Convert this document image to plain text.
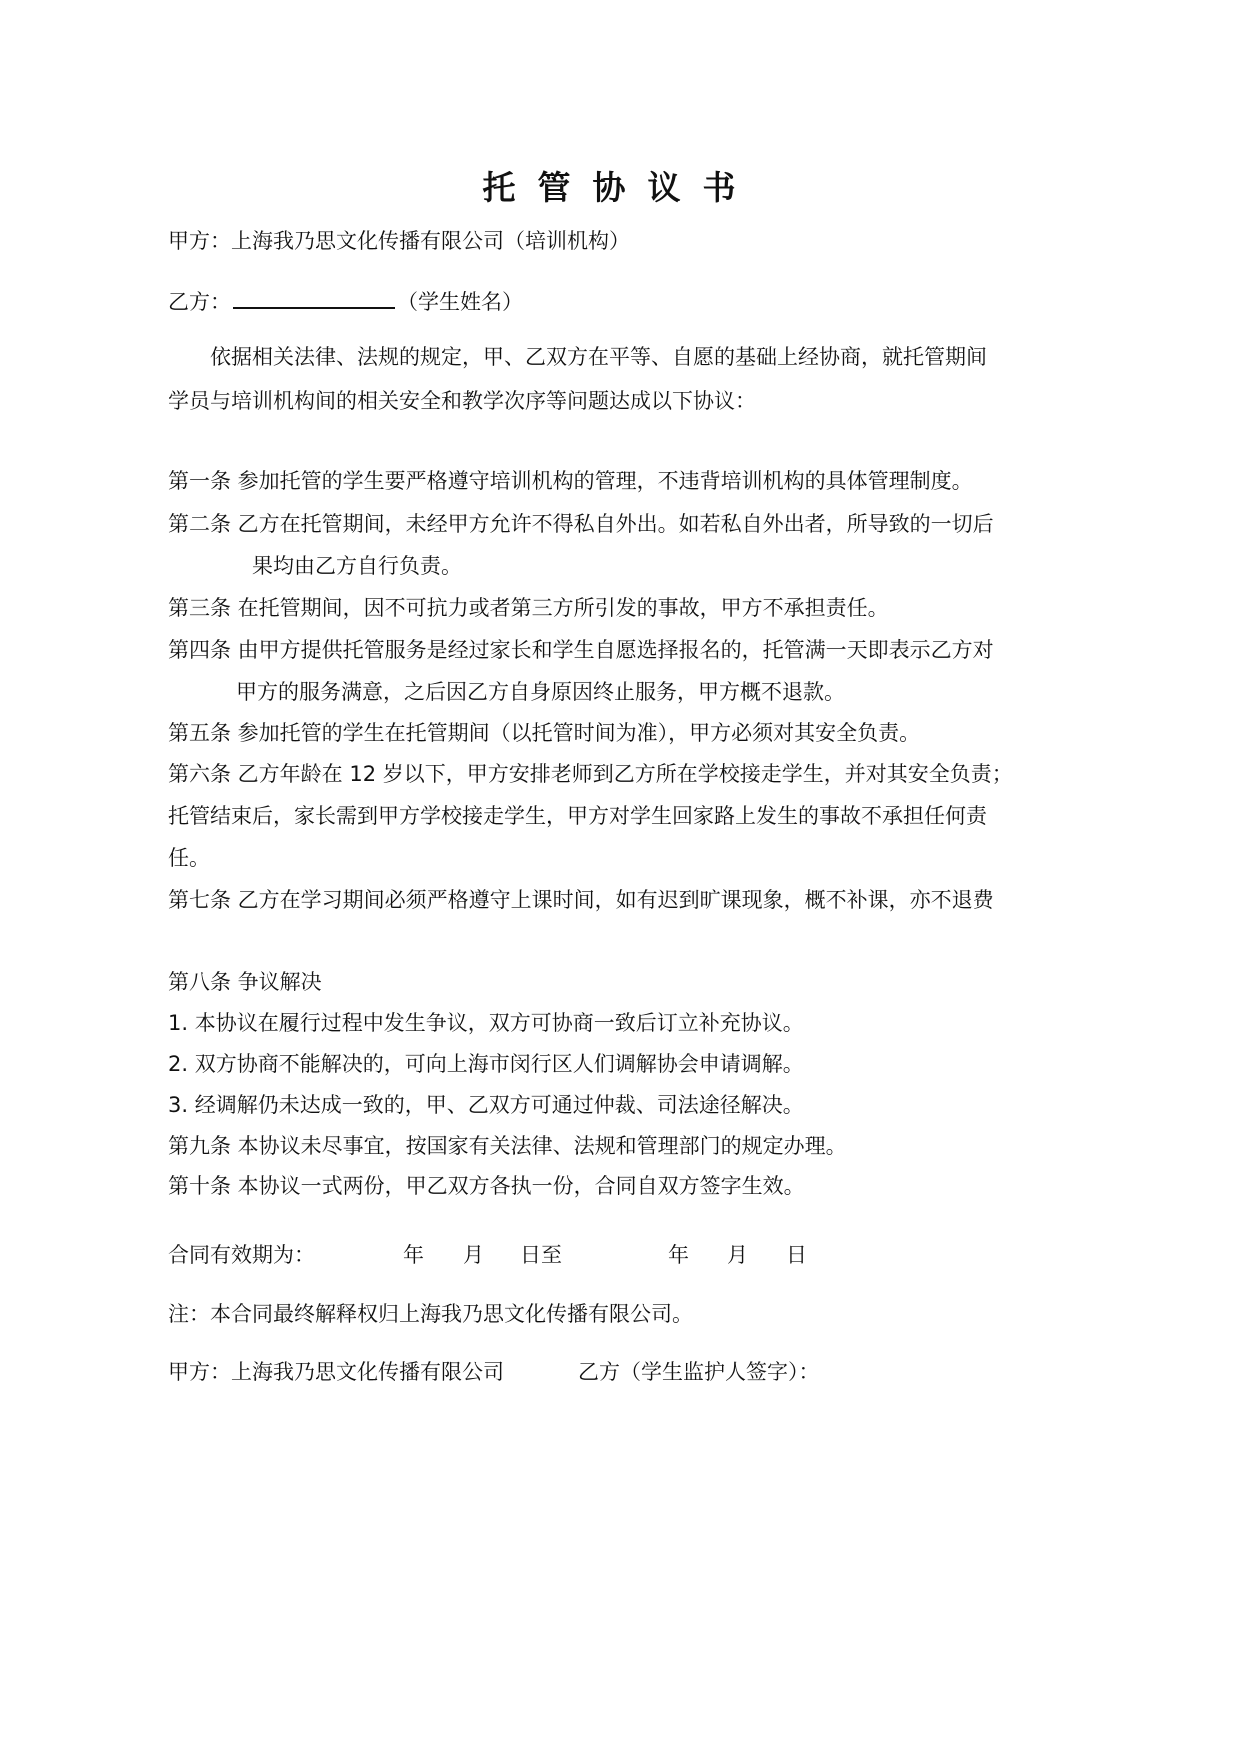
托管协议书
甲方：上海我乃思文化传播有限公司（培训机构）
乙方：	（学生姓名）
依据相关法律、法规的规定，甲、乙双方在平等、自愿的基础上经协商，就托管期间
学员与培训机构间的相关安全和教学次序等问题达成以下协议：
第一条 参加托管的学生要严格遵守培训机构的管理，不违背培训机构的具体管理制度。
第二条 乙方在托管期间，未经甲方允许不得私自外出。如若私自外出者，所导致的一切后
果均由乙方自行负责。
第三条 在托管期间，因不可抗力或者第三方所引发的事故，甲方不承担责任。
第四条 由甲方提供托管服务是经过家长和学生自愿选择报名的，托管满一天即表示乙方对
甲方的服务满意，之后因乙方自身原因终止服务，甲方概不退款。
第五条 参加托管的学生在托管期间（以托管时间为准），甲方必须对其安全负责。
第六条 乙方年龄在 12 岁以下，甲方安排老师到乙方所在学校接走学生，并对其安全负责；
托管结束后，家长需到甲方学校接走学生，甲方对学生回家路上发生的事故不承担任何责
任。
第七条 乙方在学习期间必须严格遵守上课时间，如有迟到旷课现象，概不补课，亦不退费
第八条 争议解决
1. 本协议在履行过程中发生争议，双方可协商一致后订立补充协议。
2. 双方协商不能解决的，可向上海市闵行区人们调解协会申请调解。
3. 经调解仍未达成一致的，甲、乙双方可通过仲裁、司法途径解决。
第九条 本协议未尽事宜，按国家有关法律、法规和管理部门的规定办理。
第十条 本协议一式两份，甲乙双方各执一份，合同自双方签字生效。
合同有效期为：	年 月 日至	年 月 日
注：本合同最终解释权归上海我乃思文化传播有限公司。
甲方：上海我乃思文化传播有限公司	乙方（学生监护人签字）：
